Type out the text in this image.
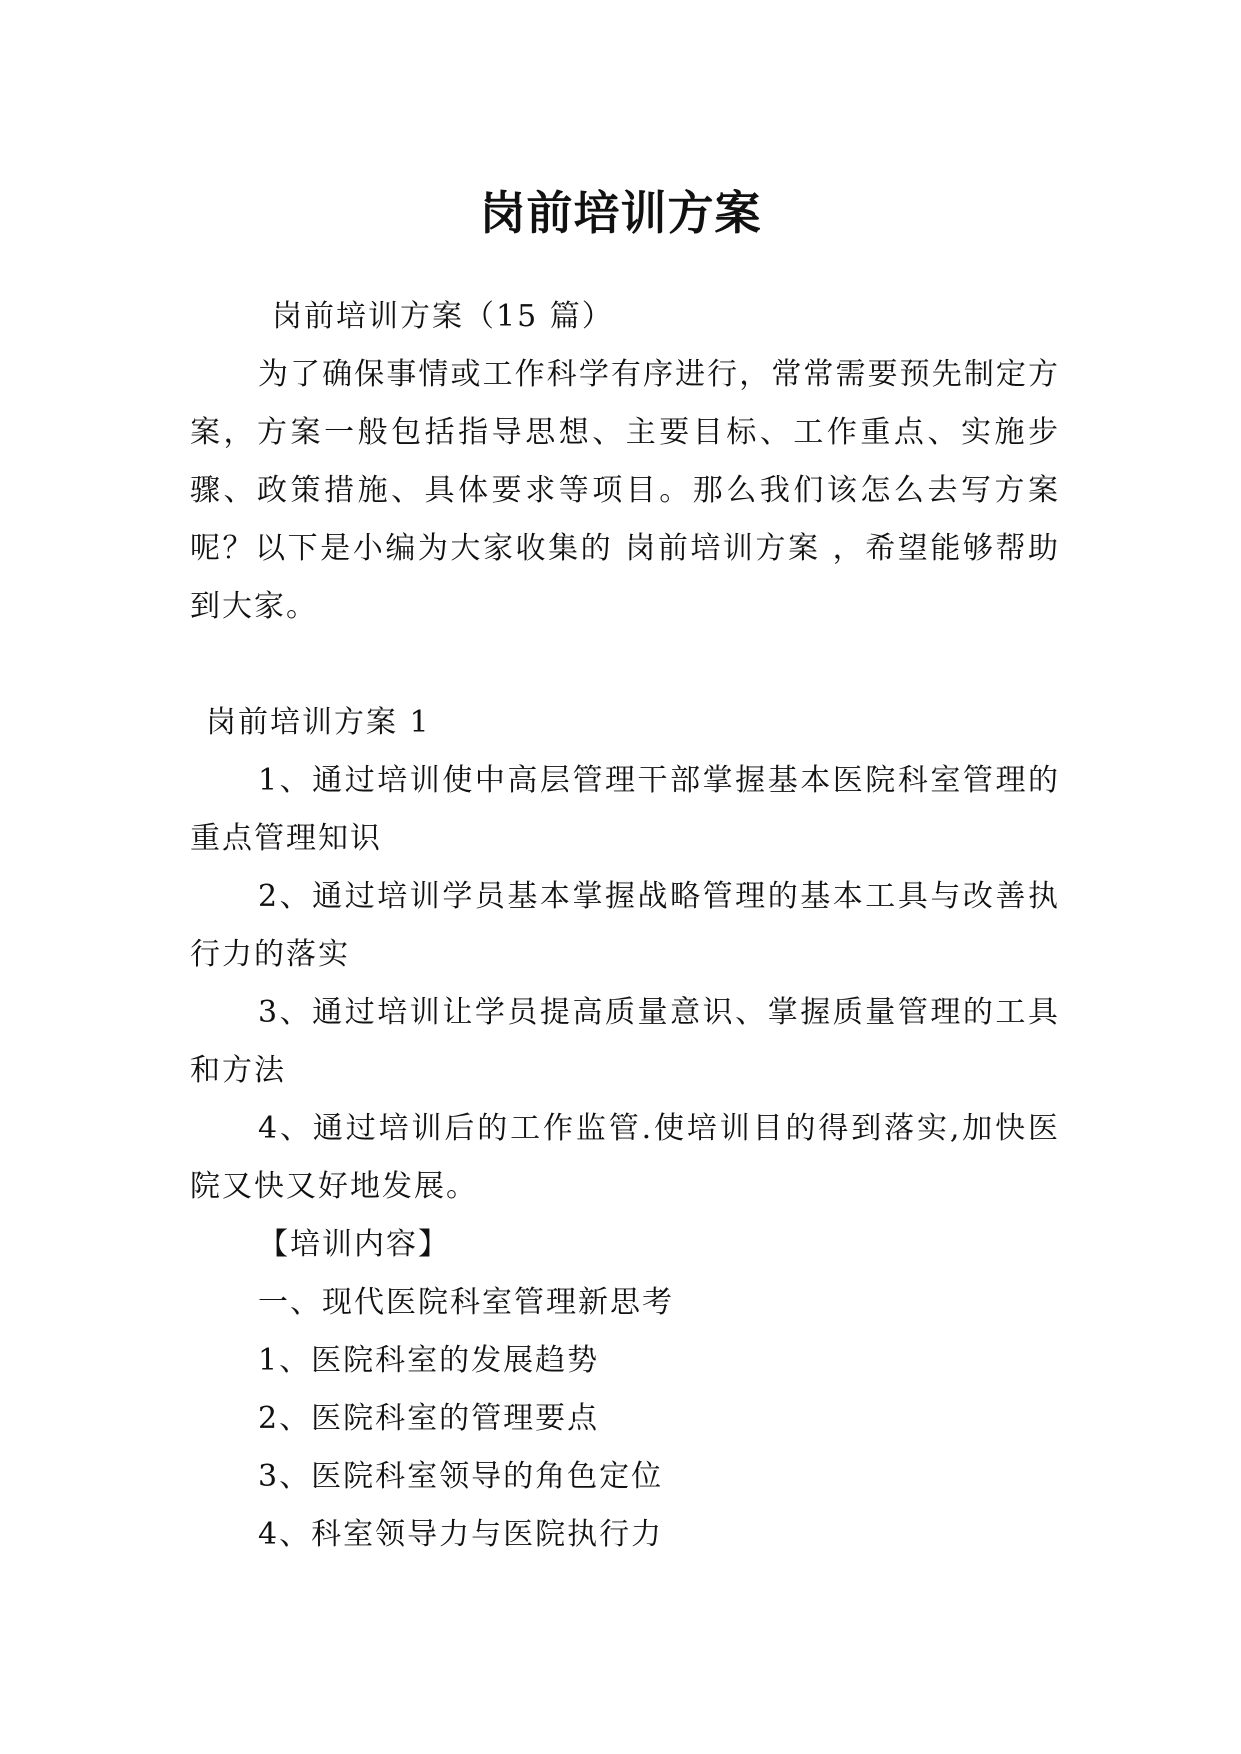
岗前培训方案

岗前培训方案（15 篇）

为了确保事情或工作科学有序进行，常常需要预先制定方案，方案一般包括指导思想、主要目标、工作重点、实施步骤、政策措施、具体要求等项目。那么我们该怎么去写方案呢？以下是小编为大家收集的 岗前培训方案 ，希望能够帮助到大家。

岗前培训方案 1

1、通过培训使中高层管理干部掌握基本医院科室管理的重点管理知识

2、通过培训学员基本掌握战略管理的基本工具与改善执行力的落实

3、通过培训让学员提高质量意识、掌握质量管理的工具和方法

4、通过培训后的工作监管.使培训目的得到落实,加快医院又快又好地发展。

【培训内容】

一、现代医院科室管理新思考

1、医院科室的发展趋势

2、医院科室的管理要点

3、医院科室领导的角色定位

4、科室领导力与医院执行力
